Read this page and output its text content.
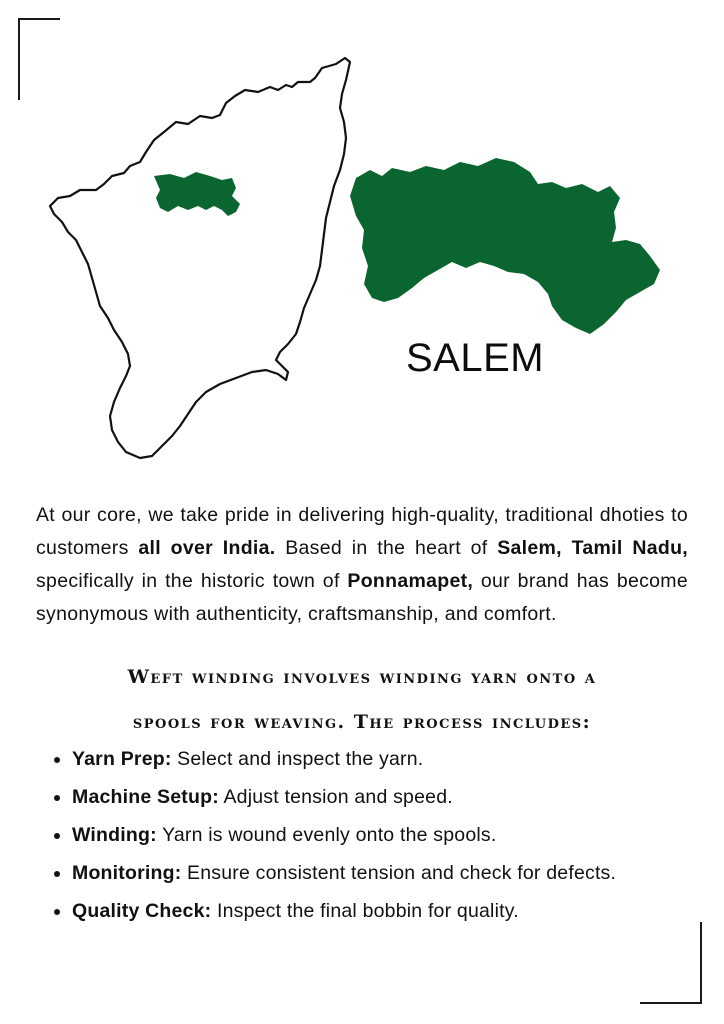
SALEM

At our core, we take pride in delivering high-quality, traditional dhoties to customers all over India. Based in the heart of Salem, Tamil Nadu, specifically in the historic town of Ponnamapet, our brand has become synonymous with authenticity, craftsmanship, and comfort.

Weft winding involves winding yarn onto a
spools for weaving. The process includes:
Yarn Prep: Select and inspect the yarn.
Machine Setup: Adjust tension and speed.
Winding: Yarn is wound evenly onto the spools.
Monitoring: Ensure consistent tension and check for defects.
Quality Check: Inspect the final bobbin for quality.
